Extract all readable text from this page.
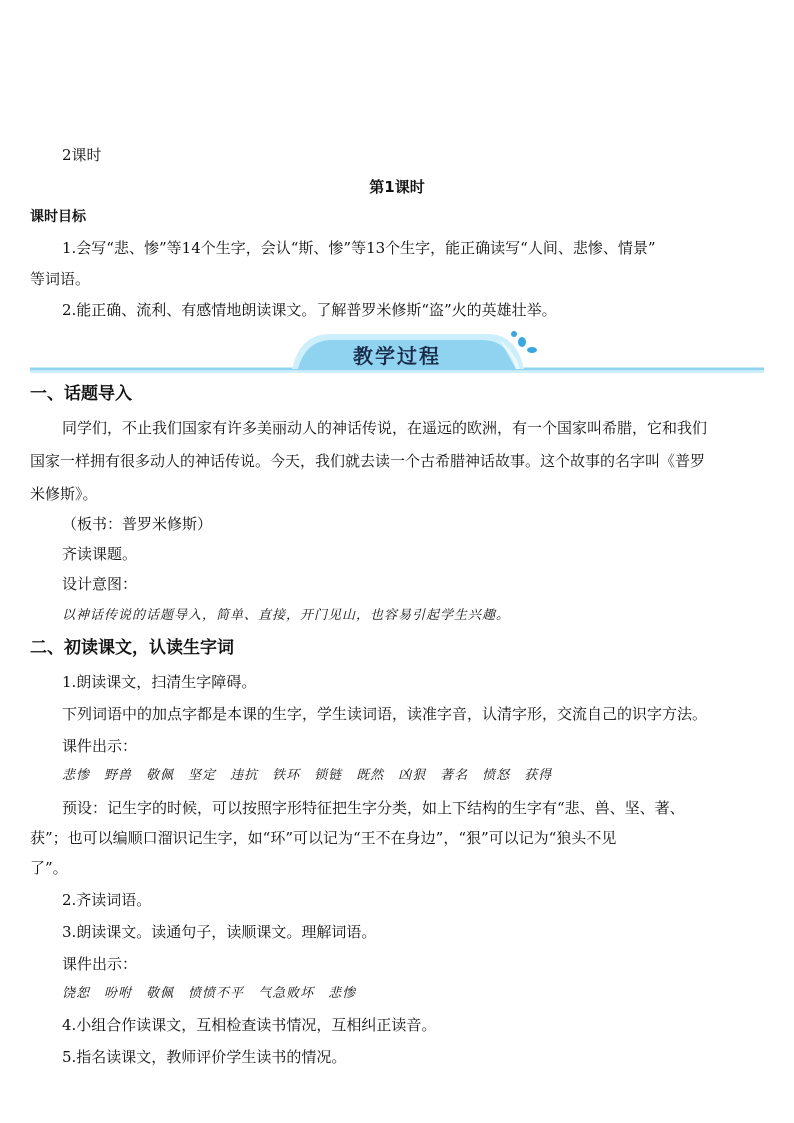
2课时
第1课时
课时目标
1.会写“悲、惨”等14个生字，会认“斯、惨”等13个生字，能正确读写“人间、悲惨、情景”
等词语。
2.能正确、流利、有感情地朗读课文。了解普罗米修斯“盗”火的英雄壮举。
教学过程
一、话题导入
同学们，不止我们国家有许多美丽动人的神话传说，在遥远的欧洲，有一个国家叫希腊，它和我们
国家一样拥有很多动人的神话传说。今天，我们就去读一个古希腊神话故事。这个故事的名字叫《普罗
米修斯》。
（板书：普罗米修斯）
齐读课题。
设计意图：
以神话传说的话题导入，简单、直接，开门见山，也容易引起学生兴趣。
二、初读课文，认读生字词
1.朗读课文，扫清生字障碍。
下列词语中的加点字都是本课的生字，学生读词语，读准字音，认清字形，交流自己的识字方法。
课件出示：
悲惨 野兽 敬佩 坚定 违抗 铁环 锁链 既然 凶狠 著名 愤怒 获得
预设：记生字的时候，可以按照字形特征把生字分类，如上下结构的生字有“悲、兽、坚、著、
获”；也可以编顺口溜识记生字，如“环”可以记为“王不在身边”，“狠”可以记为“狼头不见
了”。
2.齐读词语。
3.朗读课文。读通句子，读顺课文。理解词语。
课件出示：
饶恕 吩咐 敬佩 愤愤不平 气急败坏 悲惨
4.小组合作读课文，互相检查读书情况，互相纠正读音。
5.指名读课文，教师评价学生读书的情况。
